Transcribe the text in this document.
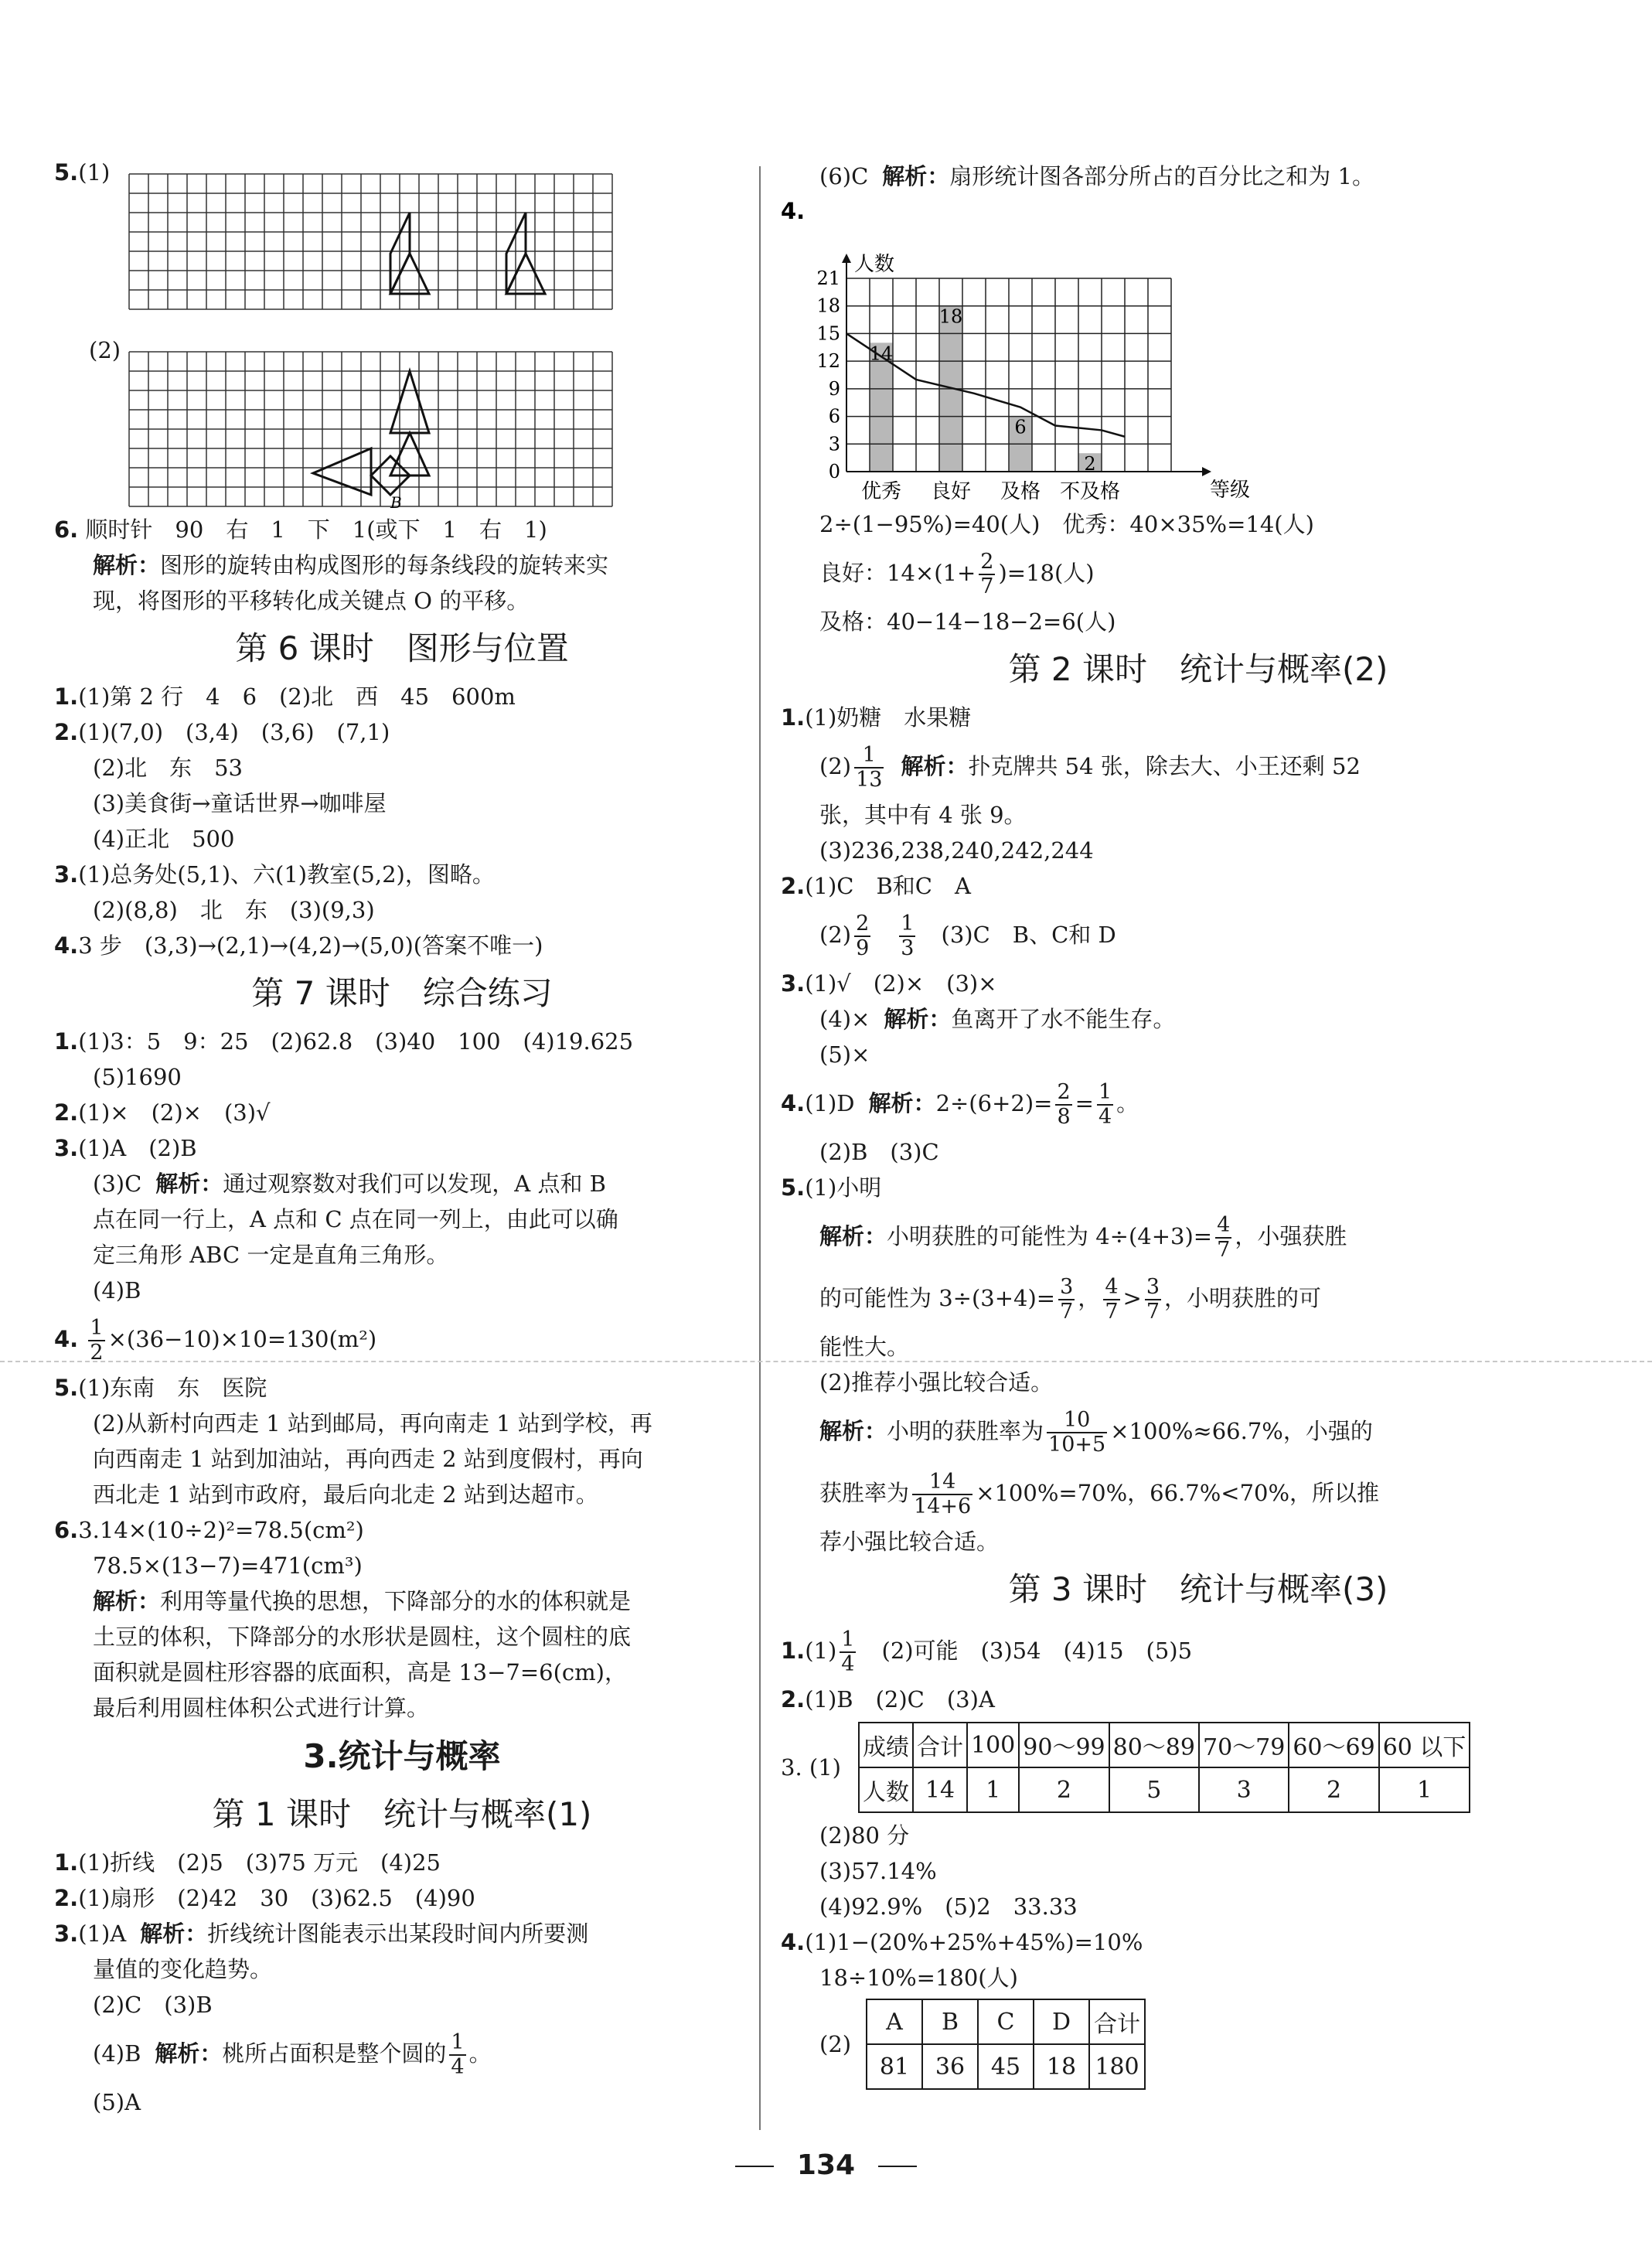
5.(1)
(2)
B
6. 顺时针　90　右　1　下　1(或下　1　右　1)
解析：图形的旋转由构成图形的每条线段的旋转来实
现，将图形的平移转化成关键点 O 的平移。
第 6 课时　图形与位置
1.(1)第 2 行　4　6　(2)北　西　45　600m
2.(1)(7,0)　(3,4)　(3,6)　(7,1)
(2)北　东　53
(3)美食街→童话世界→咖啡屋
(4)正北　500
3.(1)总务处(5,1)、六(1)教室(5,2)，图略。
(2)(8,8)　北　东　(3)(9,3)
4.3 步　(3,3)→(2,1)→(4,2)→(5,0)(答案不唯一)
第 7 课时　综合练习
1.(1)3：5　9：25　(2)62.8　(3)40　100　(4)19.625
(5)1690
2.(1)×　(2)×　(3)√
3.(1)A　(2)B
(3)C 解析：通过观察数对我们可以发现，A 点和 B
点在同一行上，A 点和 C 点在同一列上，由此可以确
定三角形 ABC 一定是直角三角形。
(4)B
4. $\frac{1}{2} \times(36-10)\times 10=130(m^2)$
5.(1)东南　东　医院
(2)从新村向西走 1 站到邮局，再向南走 1 站到学校，再
向西南走 1 站到加油站，再向西走 2 站到度假村，再向
西北走 1 站到市政府，最后向北走 2 站到达超市。
6.3.14×(10÷2)²=78.5(cm²)
78.5×(13−7)=471(cm³)
解析：利用等量代换的思想，下降部分的水的体积就是
土豆的体积，下降部分的水形状是圆柱，这个圆柱的底
面积就是圆柱形容器的底面积，高是 13−7=6(cm)，
最后利用圆柱体积公式进行计算。
3.统计与概率
第 1 课时　统计与概率(1)
1.(1)折线　(2)5　(3)75 万元　(4)25
2.(1)扇形　(2)42　30　(3)62.5　(4)90
3.(1)A 解析：折线统计图能表示出某段时间内所要测
量值的变化趋势。
(2)C　(3)B
(4)B 解析：桃所占面积是整个圆的 $\frac{1}{4}$ 。
(5)A
(6)C 解析：扇形统计图各部分所占的百分比之和为 1。
14
18
6
2
0
3
6
9
12
15
18
21
人数
等级
优秀 良好 及格 不及格
4.
2÷(1−95%)=40(人)　优秀：40×35%=14(人)
良好：$14\times(1+ \frac{2}{7} )=18$(人)
及格：40−14−18−2=6(人)
第 2 课时　统计与概率(2)
1.(1)奶糖　水果糖
$(2) \frac{1}{13}$ 解析：扑克牌共 54 张，除去大、小王还剩 52
张，其中有 4 张 9。
(3)236,238,240,242,244
2.(1)C　B和C　A
$(2) \frac{2}{9}$
　 $\frac{1}{3}$
　 (3)C　B、C和 D
3.(1)√　(2)×　(3)×
(4)× 解析：鱼离开了水不能生存。
(5)×
4.(1)D 解析：$2\div(6+2)= \frac{2}{8} = \frac{1}{4}$ 。
(2)B　(3)C
5.(1)小明
解析：小明获胜的可能性为 $4\div(4+3)= \frac{4}{7}$ ，小强获胜
的可能性为 $3\div(3+4)= \frac{3}{7}$ ， $\frac{4}{7} > \frac{3}{7}$ ，小明获胜的可
能性大。
(2)推荐小强比较合适。
解析：小明的获胜率为 $\frac{10}{10+5} \times 100\%\approx 66.7\%$，小强的
获胜率为 $\frac{14}{14+6} \times 100\%=70\%$，66.7%<70%，所以推
荐小强比较合适。
第 3 课时　统计与概率(3)
$1.(1) \frac{1}{4}$
　 (2)可能　(3)54　(4)15　(5)5
2.(1)B　(2)C　(3)A
3. (1)
成绩	合计	100	90～99	80～89	70～79	60～69	60 以下
人数	14	1	2	5	3	2	1
(2)80 分
(3)57.14%
(4)92.9%　(5)2　33.33
4.(1)1−(20%+25%+45%)=10%
18÷10%=180(人)
(2)
A	B	C	D	合计
81	36	45	18	180
134
